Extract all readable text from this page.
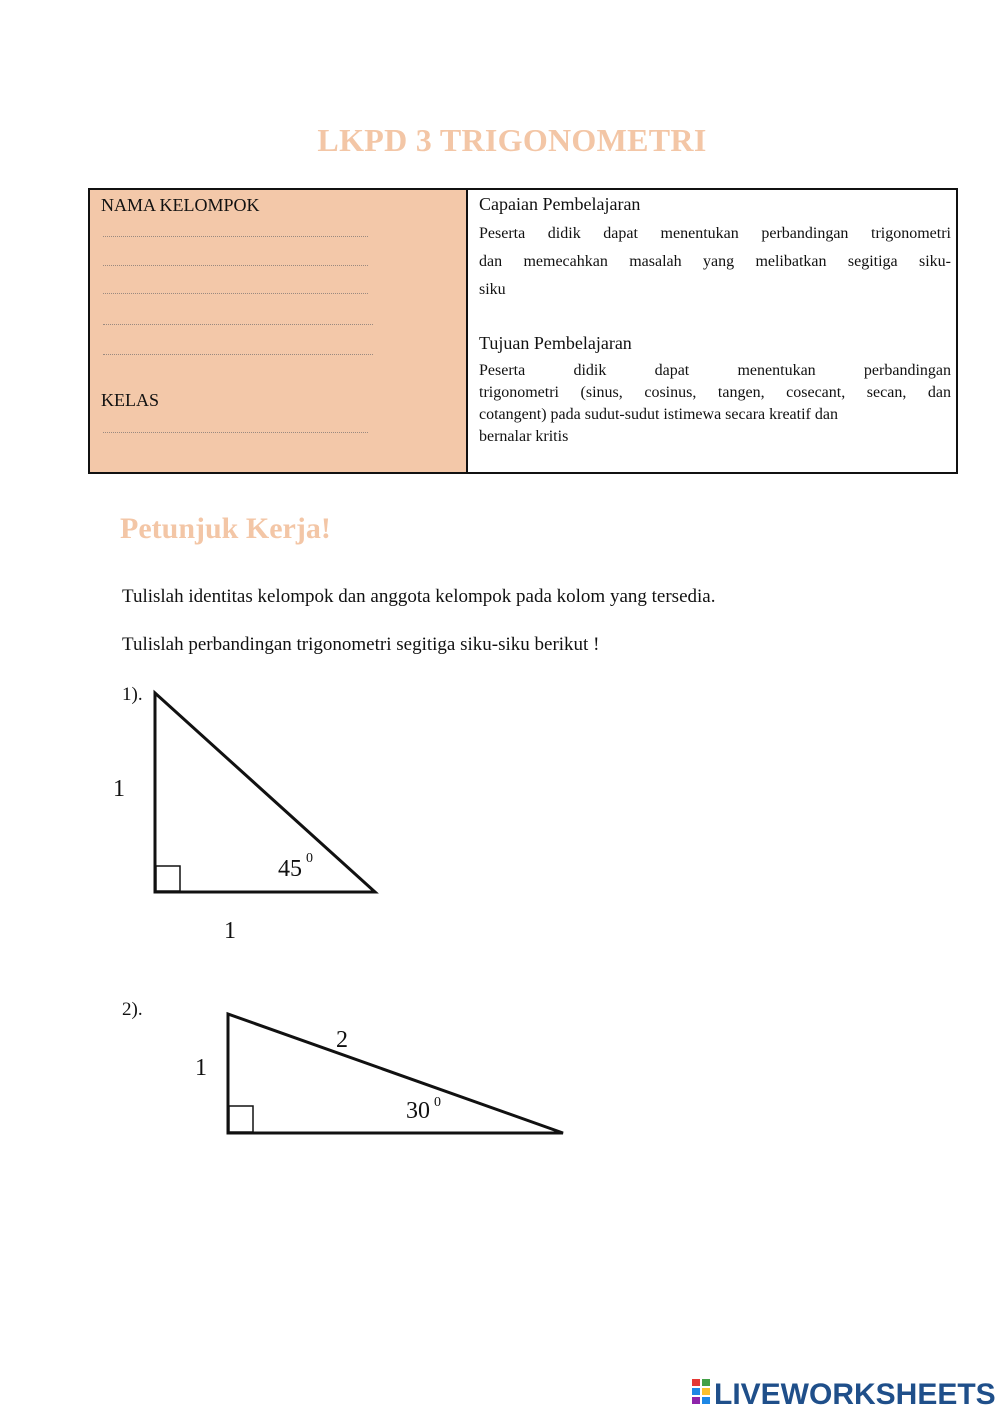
LKPD 3 TRIGONOMETRI
NAMA KELOMPOK
KELAS
Capaian Pembelajaran
Peserta didik dapat menentukan perbandingan trigonometri
dan memecahkan masalah yang melibatkan segitiga siku-
siku
Tujuan Pembelajaran
Peserta didik dapat menentukan perbandingan
trigonometri (sinus, cosinus, tangen, cosecant, secan, dan
cotangent) pada sudut-sudut istimewa secara kreatif dan
bernalar kritis
Petunjuk Kerja!
Tulislah identitas kelompok dan anggota kelompok pada kolom yang tersedia.
Tulislah perbandingan trigonometri segitiga siku-siku berikut !
1).
1
1
45 0
2).
1
2
30 0
LIVEWORKSHEETS
